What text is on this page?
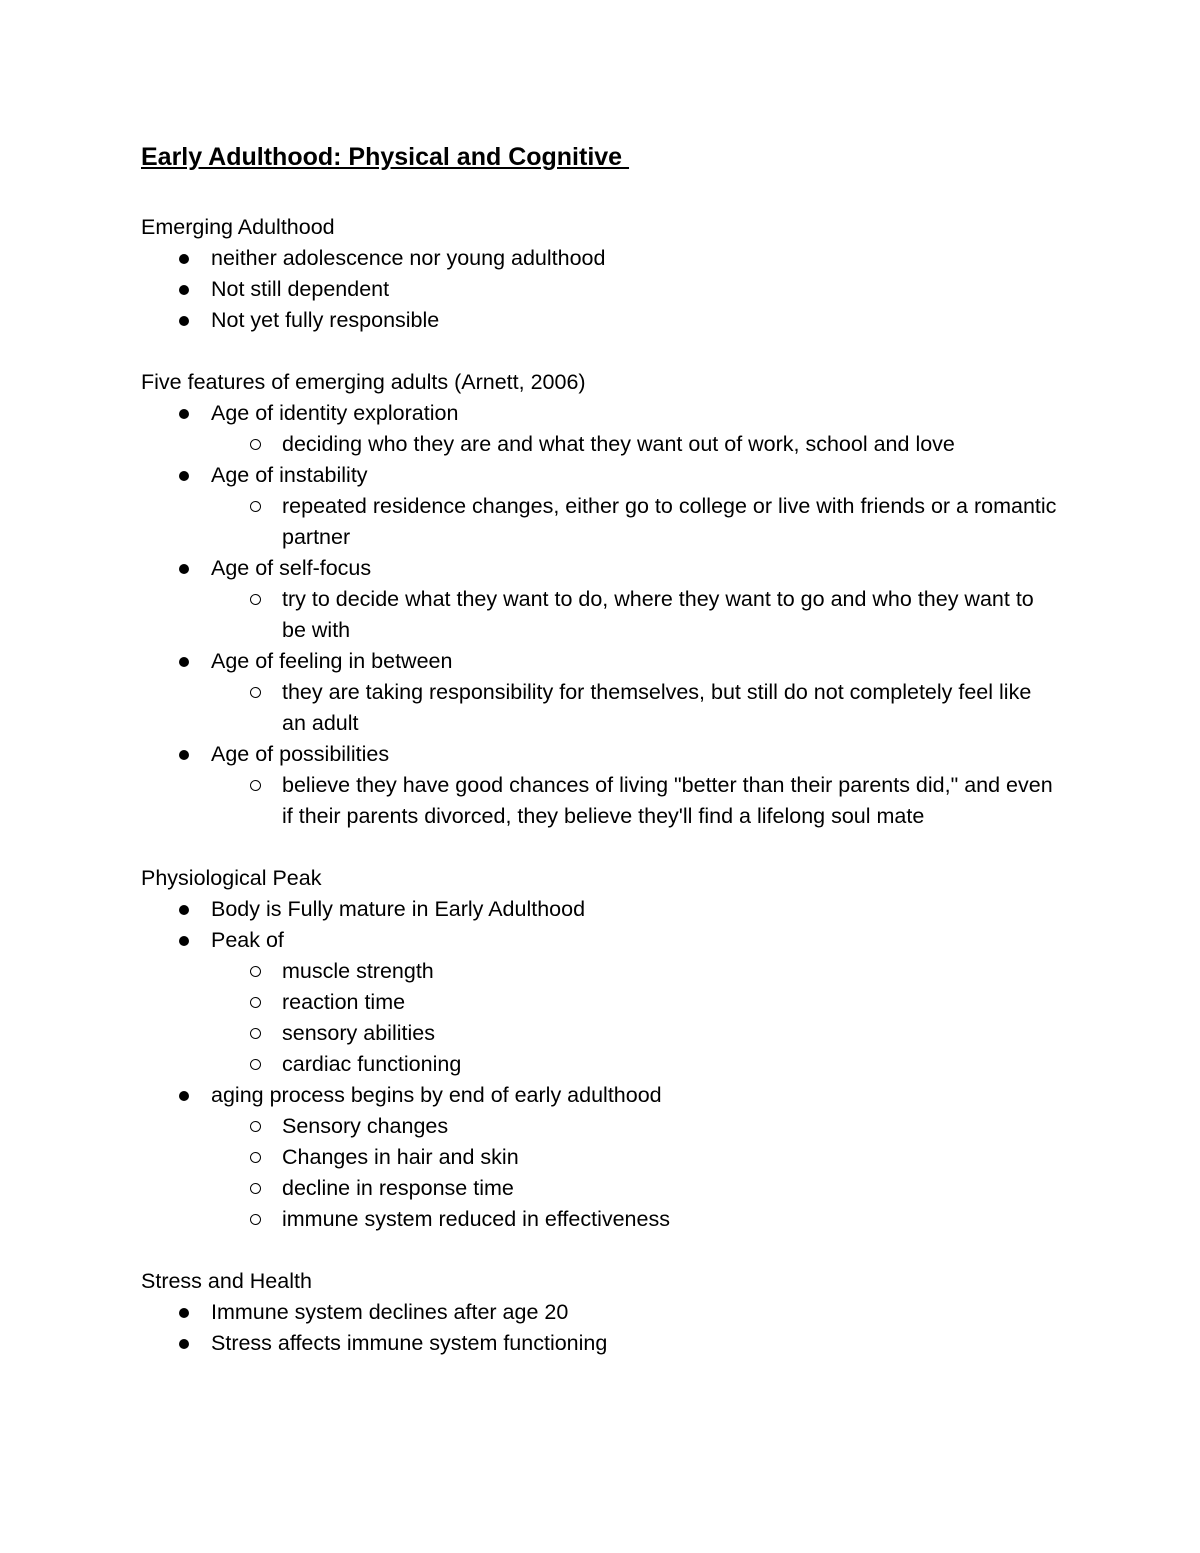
Early Adulthood: Physical and Cognitive

Emerging Adulthood

neither adolescence nor young adulthood
Not still dependent
Not yet fully responsible

Five features of emerging adults (Arnett, 2006)

Age of identity exploration
deciding who they are and what they want out of work, school and love
Age of instability
repeated residence changes, either go to college or live with friends or a romantic partner
Age of self-focus
try to decide what they want to do, where they want to go and who they want to be with
Age of feeling in between
they are taking responsibility for themselves, but still do not completely feel like an adult
Age of possibilities
believe they have good chances of living "better than their parents did," and even if their parents divorced, they believe they'll find a lifelong soul mate

Physiological Peak

Body is Fully mature in Early Adulthood
Peak of
muscle strength
reaction time
sensory abilities
cardiac functioning
aging process begins by end of early adulthood
Sensory changes
Changes in hair and skin
decline in response time
immune system reduced in effectiveness

Stress and Health

Immune system declines after age 20
Stress affects immune system functioning
